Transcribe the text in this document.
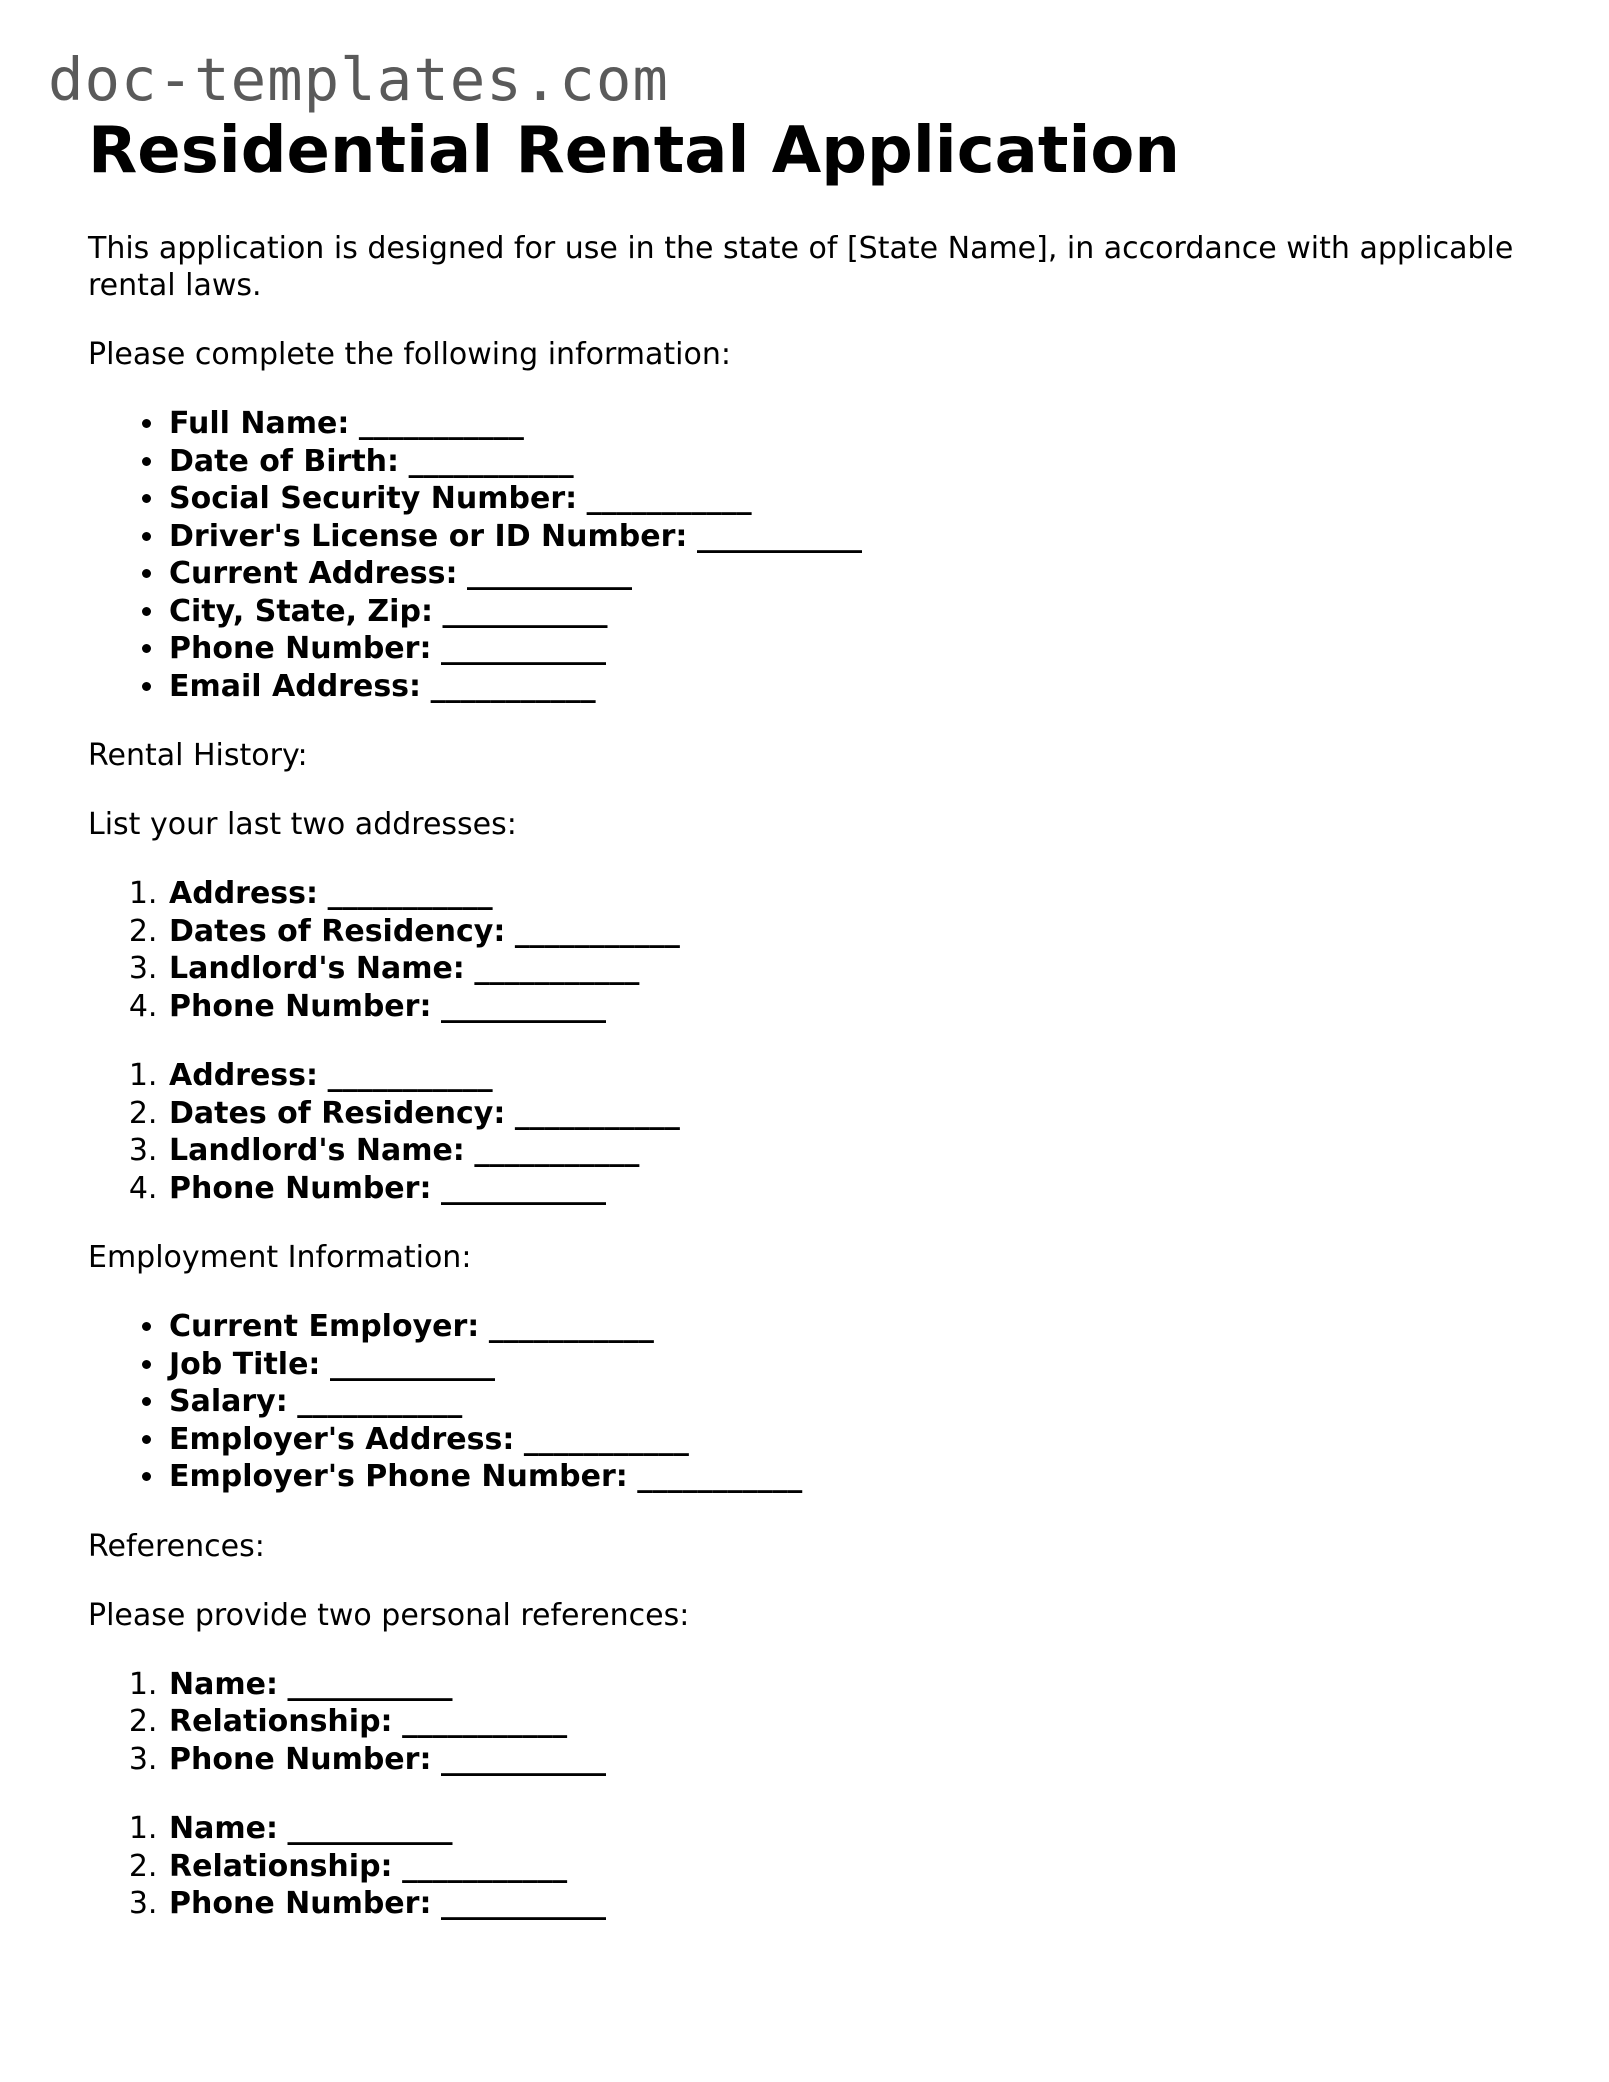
doc-templates.com
Residential Rental Application

This application is designed for use in the state of [State Name], in accordance with applicable rental laws.

Please complete the following information:

• Full Name: ___________
• Date of Birth: ___________
• Social Security Number: ___________
• Driver's License or ID Number: ___________
• Current Address: ___________
• City, State, Zip: ___________
• Phone Number: ___________
• Email Address: ___________

Rental History:

List your last two addresses:

1. Address: ___________
2. Dates of Residency: ___________
3. Landlord's Name: ___________
4. Phone Number: ___________
1. Address: ___________
2. Dates of Residency: ___________
3. Landlord's Name: ___________
4. Phone Number: ___________

Employment Information:

• Current Employer: ___________
• Job Title: ___________
• Salary: ___________
• Employer's Address: ___________
• Employer's Phone Number: ___________

References:

Please provide two personal references:

1. Name: ___________
2. Relationship: ___________
3. Phone Number: ___________
1. Name: ___________
2. Relationship: ___________
3. Phone Number: ___________
